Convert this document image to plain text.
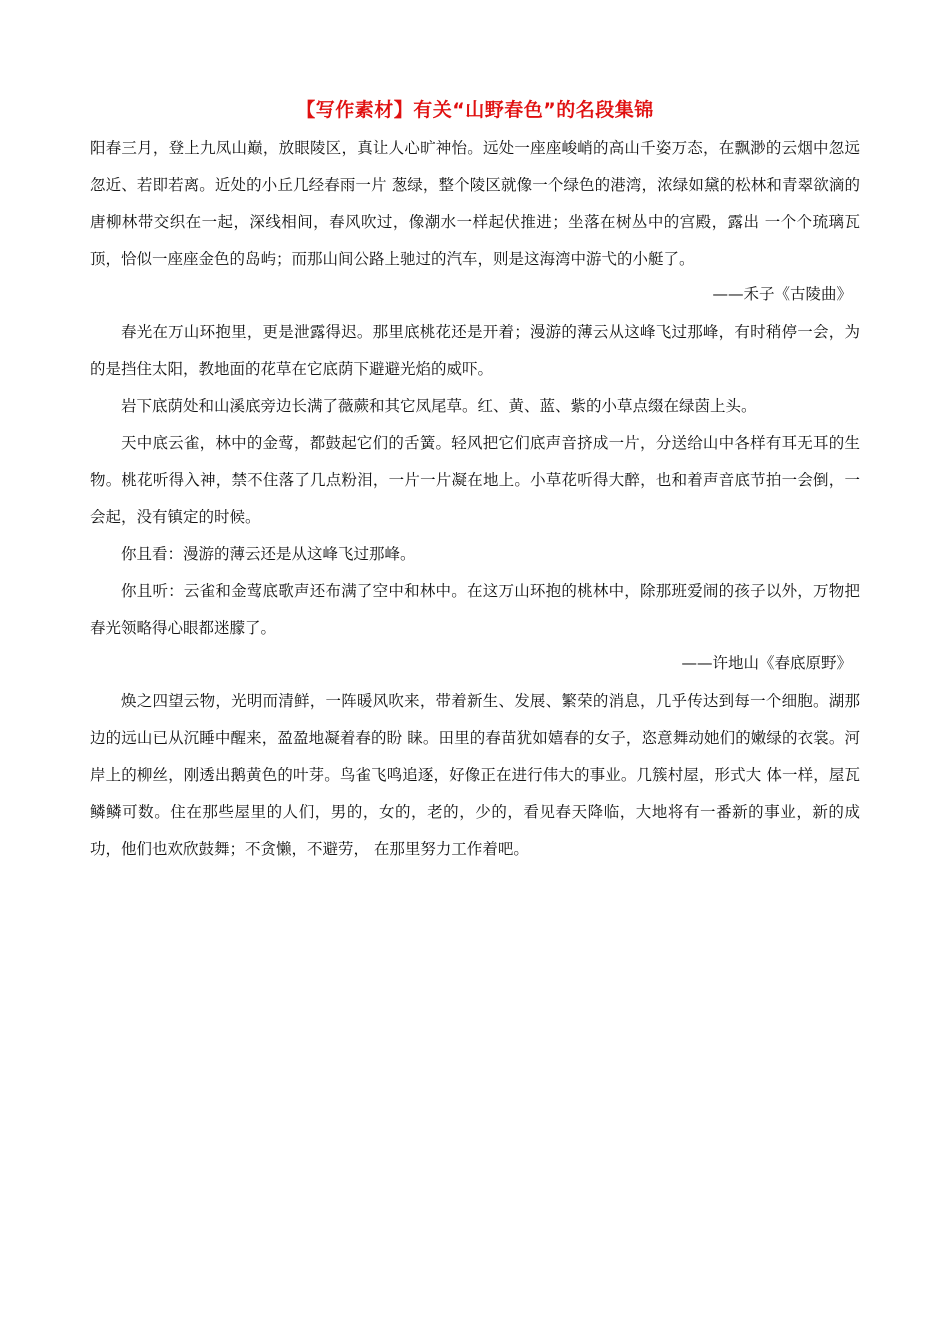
【写作素材】有关“山野春色”的名段集锦

阳春三月，登上九凤山巅，放眼陵区，真让人心旷神怡。远处一座座峻峭的高山千姿万态，在飘渺的云烟中忽远忽近、若即若离。近处的小丘几经春雨一片 葱绿，整个陵区就像一个绿色的港湾，浓绿如黛的松林和青翠欲滴的唐柳林带交织在一起，深线相间，春风吹过，像潮水一样起伏推进；坐落在树丛中的宫殿，露出 一个个琉璃瓦顶，恰似一座座金色的岛屿；而那山间公路上驰过的汽车，则是这海湾中游弋的小艇了。

——禾子《古陵曲》

春光在万山环抱里，更是泄露得迟。那里底桃花还是开着；漫游的薄云从这峰飞过那峰，有时稍停一会，为的是挡住太阳，教地面的花草在它底荫下避避光焰的威吓。

岩下底荫处和山溪底旁边长满了薇蕨和其它凤尾草。红、黄、蓝、紫的小草点缀在绿茵上头。

天中底云雀，林中的金莺，都鼓起它们的舌簧。轻风把它们底声音挤成一片，分送给山中各样有耳无耳的生物。桃花听得入神，禁不住落了几点粉泪，一片一片凝在地上。小草花听得大醉，也和着声音底节拍一会倒，一会起，没有镇定的时候。

你且看：漫游的薄云还是从这峰飞过那峰。

你且听：云雀和金莺底歌声还布满了空中和林中。在这万山环抱的桃林中，除那班爱闹的孩子以外，万物把春光领略得心眼都迷朦了。

——许地山《春底原野》

焕之四望云物，光明而清鲜，一阵暖风吹来，带着新生、发展、繁荣的消息，几乎传达到每一个细胞。湖那边的远山已从沉睡中醒来，盈盈地凝着春的盼 睐。田里的春苗犹如嬉春的女子，恣意舞动她们的嫩绿的衣裳。河岸上的柳丝，刚透出鹅黄色的叶芽。鸟雀飞鸣追逐，好像正在进行伟大的事业。几簇村屋，形式大 体一样，屋瓦鳞鳞可数。住在那些屋里的人们，男的，女的，老的，少的，看见春天降临，大地将有一番新的事业，新的成功，他们也欢欣鼓舞；不贪懒，不避劳， 在那里努力工作着吧。
